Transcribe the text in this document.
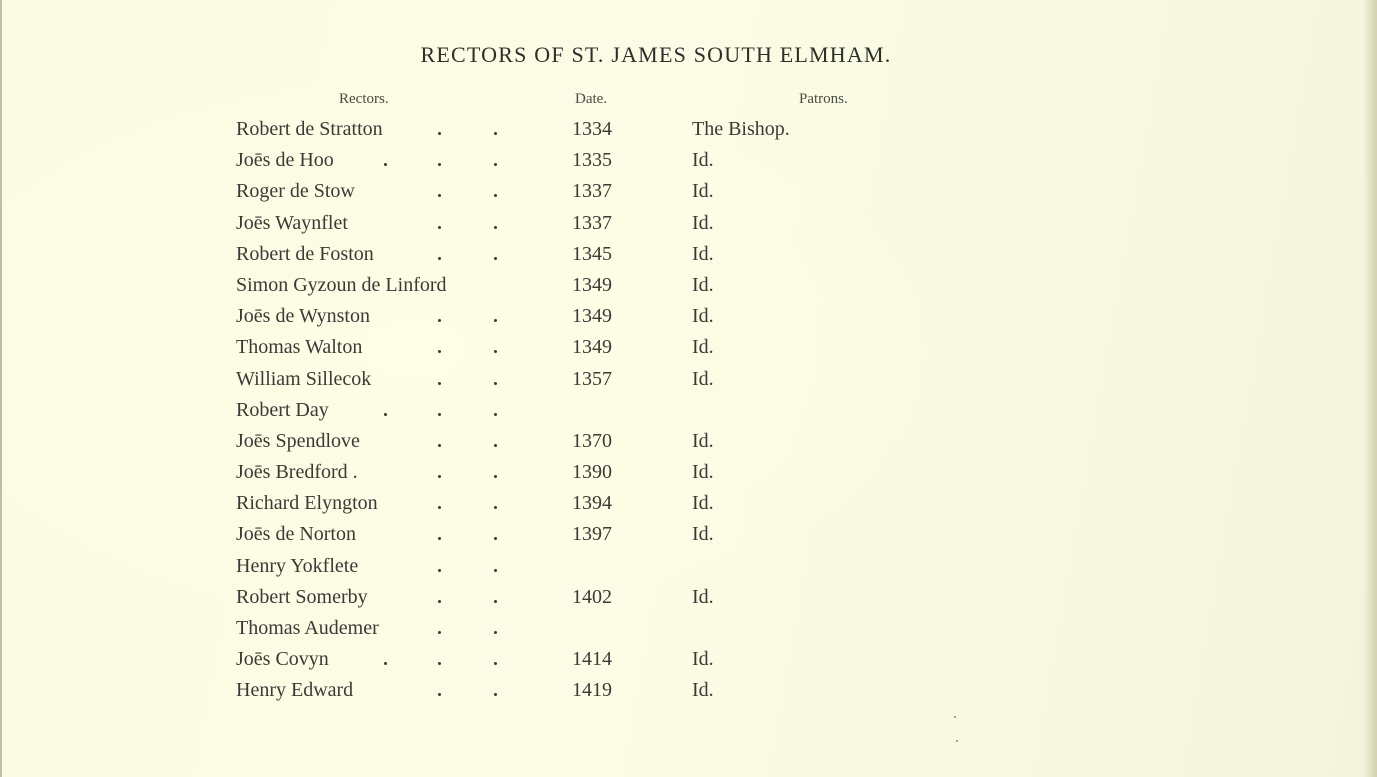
RECTORS OF ST. JAMES SOUTH ELMHAM.
Rectors.	Date.	Patrons.
Robert de Stratton	1334	The Bishop.
Joēs de Hoo	1335	Id.
Roger de Stow	1337	Id.
Joēs Waynflet	1337	Id.
Robert de Foston	1345	Id.
Simon Gyzoun de Linford	1349	Id.
Joēs de Wynston	1349	Id.
Thomas Walton	1349	Id.
William Sillecok	1357	Id.
Robert Day
Joēs Spendlove	1370	Id.
Joēs Bredford .	1390	Id.
Richard Elyngton	1394	Id.
Joēs de Norton	1397	Id.
Henry Yokflete
Robert Somerby	1402	Id.
Thomas Audemer
Joēs Covyn	1414	Id.
Henry Edward	1419	Id.
